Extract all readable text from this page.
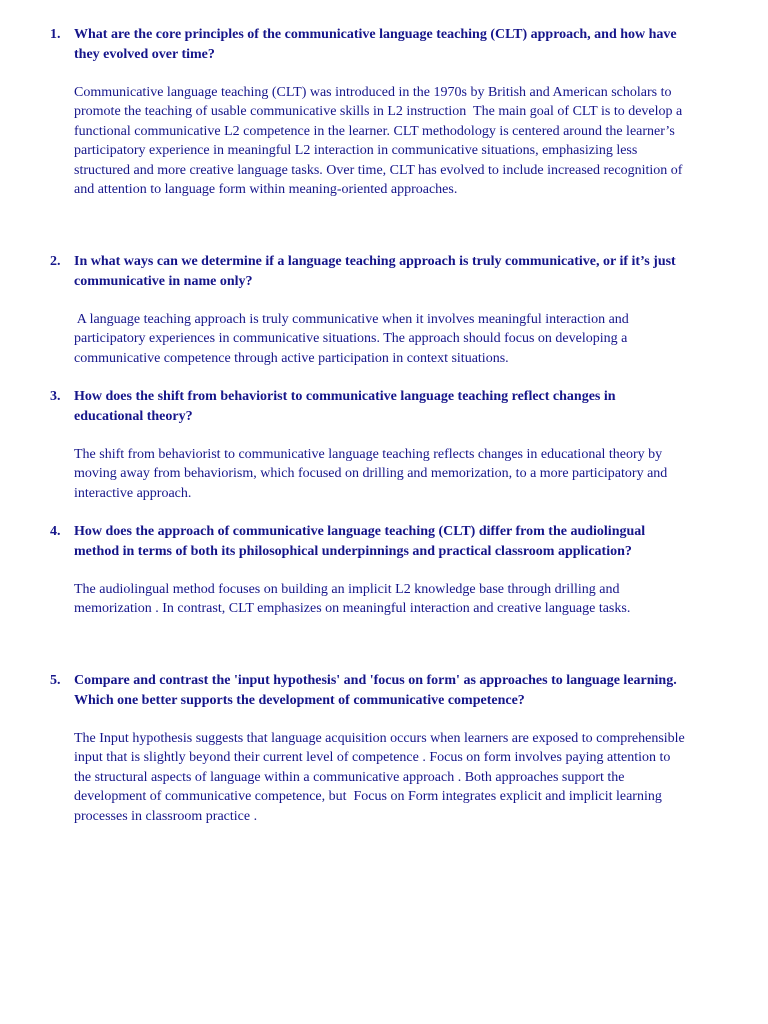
1. What are the core principles of the communicative language teaching (CLT) approach, and how have
they evolved over time?
Communicative language teaching (CLT) was introduced in the 1970s by British and American scholars to
promote the teaching of usable communicative skills in L2 instruction  The main goal of CLT is to develop a
functional communicative L2 competence in the learner. CLT methodology is centered around the learner’s
participatory experience in meaningful L2 interaction in communicative situations, emphasizing less
structured and more creative language tasks. Over time, CLT has evolved to include increased recognition of
and attention to language form within meaning-oriented approaches.
2. In what ways can we determine if a language teaching approach is truly communicative, or if it’s just
communicative in name only?
A language teaching approach is truly communicative when it involves meaningful interaction and
participatory experiences in communicative situations. The approach should focus on developing a
communicative competence through active participation in context situations.
3. How does the shift from behaviorist to communicative language teaching reflect changes in
educational theory?
The shift from behaviorist to communicative language teaching reflects changes in educational theory by
moving away from behaviorism, which focused on drilling and memorization, to a more participatory and
interactive approach.
4. How does the approach of communicative language teaching (CLT) differ from the audiolingual
method in terms of both its philosophical underpinnings and practical classroom application?
The audiolingual method focuses on building an implicit L2 knowledge base through drilling and
memorization . In contrast, CLT emphasizes on meaningful interaction and creative language tasks.
5. Compare and contrast the 'input hypothesis' and 'focus on form' as approaches to language learning.
Which one better supports the development of communicative competence?
The Input hypothesis suggests that language acquisition occurs when learners are exposed to comprehensible
input that is slightly beyond their current level of competence . Focus on form involves paying attention to
the structural aspects of language within a communicative approach . Both approaches support the
development of communicative competence, but  Focus on Form integrates explicit and implicit learning
processes in classroom practice .
